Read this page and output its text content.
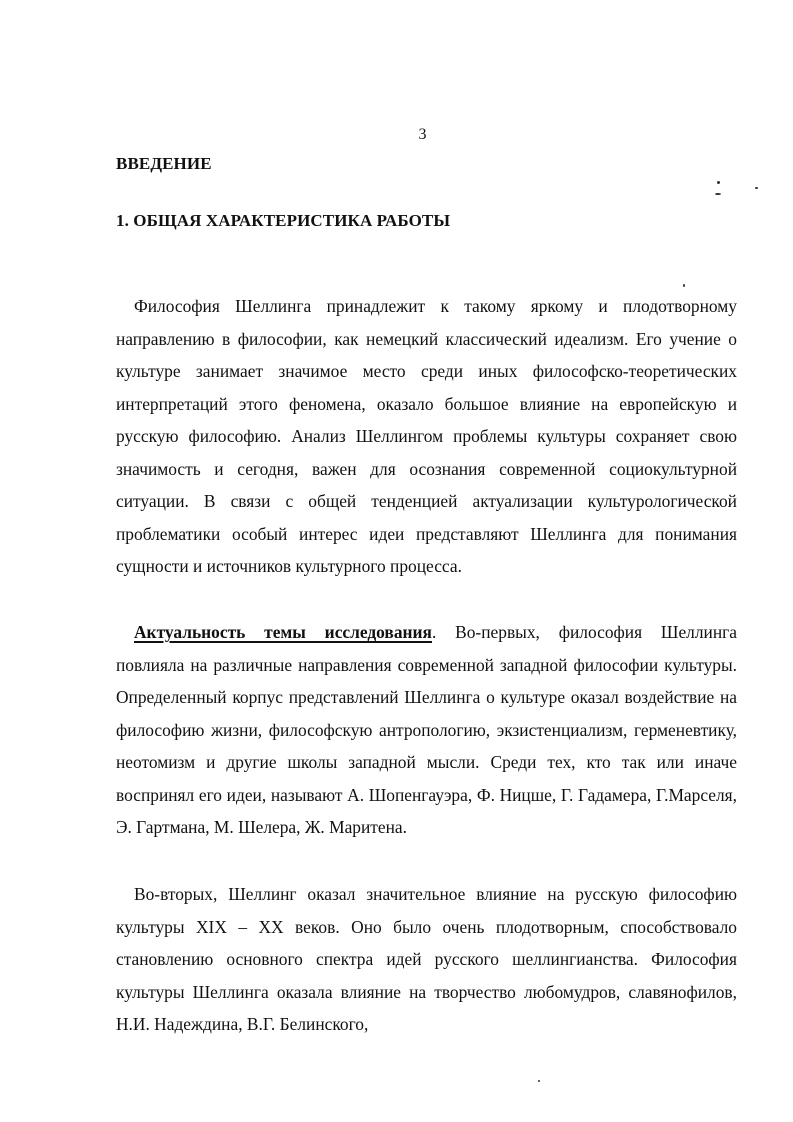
3
ВВЕДЕНИЕ
1. ОБЩАЯ ХАРАКТЕРИСТИКА РАБОТЫ
Философия Шеллинга принадлежит к такому яркому и плодотворному направлению в философии, как немецкий классический идеализм. Его учение о культуре занимает значимое место среди иных философско-теоретических интерпретаций этого феномена, оказало большое влияние на европейскую и русскую философию. Анализ Шеллингом проблемы культуры сохраняет свою значимость и сегодня, важен для осознания современной социокультурной ситуации. В связи с общей тенденцией актуализации культурологической проблематики особый интерес идеи представляют Шеллинга для понимания сущности и источников культурного процесса.
Актуальность темы исследования. Во-первых, философия Шеллинга повлияла на различные направления современной западной философии культуры. Определенный корпус представлений Шеллинга о культуре оказал воздействие на философию жизни, философскую антропологию, экзистенциализм, герменевтику, неотомизм и другие школы западной мысли. Среди тех, кто так или иначе воспринял его идеи, называют А. Шопенгауэра, Ф. Ницше, Г. Гадамера, Г.Марселя, Э. Гартмана, М. Шелера, Ж. Маритена.
Во-вторых, Шеллинг оказал значительное влияние на русскую философию культуры XIX – XX веков. Оно было очень плодотворным, способствовало становлению основного спектра идей русского шеллингианства. Философия культуры Шеллинга оказала влияние на творчество любомудров, славянофилов, Н.И. Надеждина, В.Г. Белинского,
